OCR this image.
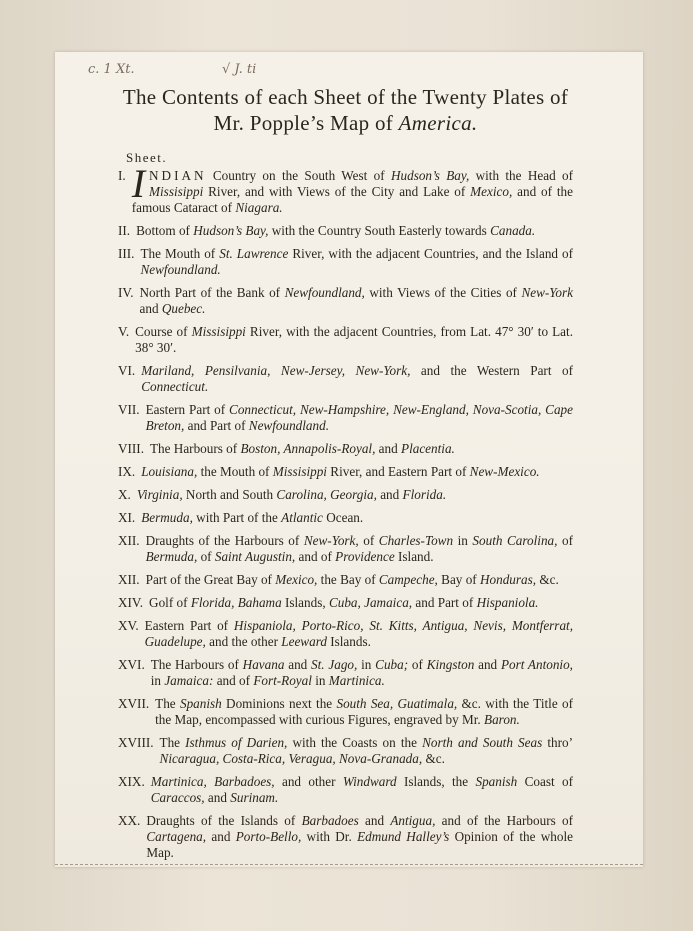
c. 1 Xt.	√ J. ti
The Contents of each Sheet of the Twenty Plates of
Mr. Popple’s Map of America.
Sheet.
I. INDIAN Country on the South West of Hudson’s Bay, with the Head of Missisippi River, and with Views of the City and Lake of Mexico, and of the famous Cataract of Niagara.
II. Bottom of Hudson’s Bay, with the Country South Easterly towards Canada.
III. The Mouth of St. Lawrence River, with the adjacent Countries, and the Island of Newfoundland.
IV. North Part of the Bank of Newfoundland, with Views of the Cities of New-York and Quebec.
V. Course of Missisippi River, with the adjacent Countries, from Lat. 47° 30′ to Lat. 38° 30′.
VI. Mariland, Pensilvania, New-Jersey, New-York, and the Western Part of Connecticut.
VII. Eastern Part of Connecticut, New-Hampshire, New-England, Nova-Scotia, Cape Breton, and Part of Newfoundland.
VIII. The Harbours of Boston, Annapolis-Royal, and Placentia.
IX. Louisiana, the Mouth of Missisippi River, and Eastern Part of New-Mexico.
X. Virginia, North and South Carolina, Georgia, and Florida.
XI. Bermuda, with Part of the Atlantic Ocean.
XII. Draughts of the Harbours of New-York, of Charles-Town in South Carolina, of Bermuda, of Saint Augustin, and of Providence Island.
XII. Part of the Great Bay of Mexico, the Bay of Campeche, Bay of Honduras, &c.
XIV. Golf of Florida, Bahama Islands, Cuba, Jamaica, and Part of Hispaniola.
XV. Eastern Part of Hispaniola, Porto-Rico, St. Kitts, Antigua, Nevis, Montferrat, Guadelupe, and the other Leeward Islands.
XVI. The Harbours of Havana and St. Jago, in Cuba; of Kingston and Port Antonio, in Jamaica: and of Fort-Royal in Martinica.
XVII. The Spanish Dominions next the South Sea, Guatimala, &c. with the Title of the Map, encompassed with curious Figures, engraved by Mr. Baron.
XVIII. The Isthmus of Darien, with the Coasts on the North and South Seas thro’ Nicaragua, Costa-Rica, Veragua, Nova-Granada, &c.
XIX. Martinica, Barbadoes, and other Windward Islands, the Spanish Coast of Caraccos, and Surinam.
XX. Draughts of the Islands of Barbadoes and Antigua, and of the Harbours of Cartagena, and Porto-Bello, with Dr. Edmund Halley’s Opinion of the whole Map.
